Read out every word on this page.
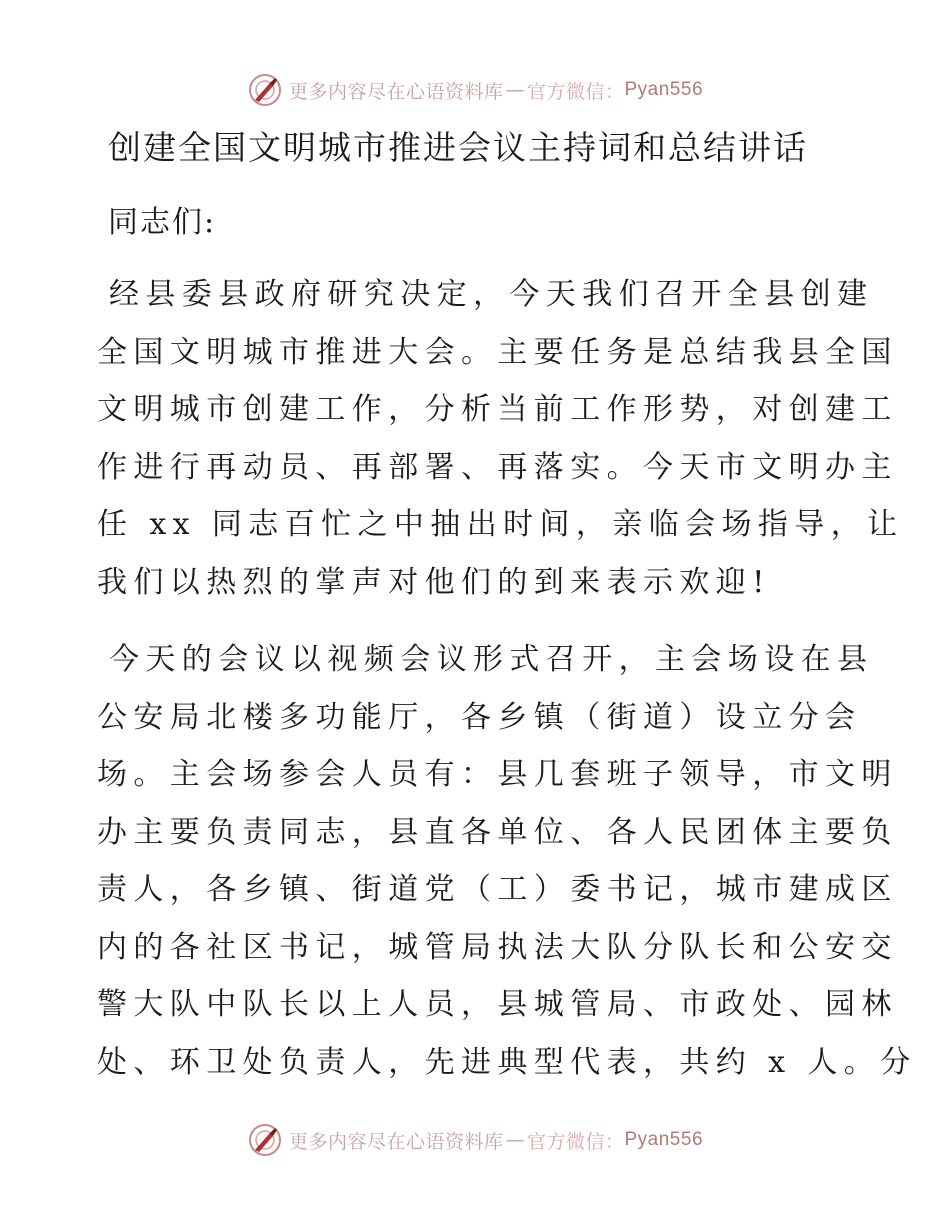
更多内容尽在心语资料库 — 官方微信： Pyan556
创建全国文明城市推进会议主持词和总结讲话
同志们:
经县委县政府研究决定，今天我们召开全县创建
全国文明城市推进大会。主要任务是总结我县全国
文明城市创建工作，分析当前工作形势，对创建工
作进行再动员、再部署、再落实。今天市文明办主
任 xx 同志百忙之中抽出时间，亲临会场指导，让
我们以热烈的掌声对他们的到来表示欢迎!
今天的会议以视频会议形式召开，主会场设在县
公安局北楼多功能厅，各乡镇（街道）设立分会
场。主会场参会人员有：县几套班子领导，市文明
办主要负责同志，县直各单位、各人民团体主要负
责人，各乡镇、街道党（工）委书记，城市建成区
内的各社区书记，城管局执法大队分队长和公安交
警大队中队长以上人员，县城管局、市政处、园林
处、环卫处负责人，先进典型代表，共约 x 人。分
更多内容尽在心语资料库 — 官方微信： Pyan556
